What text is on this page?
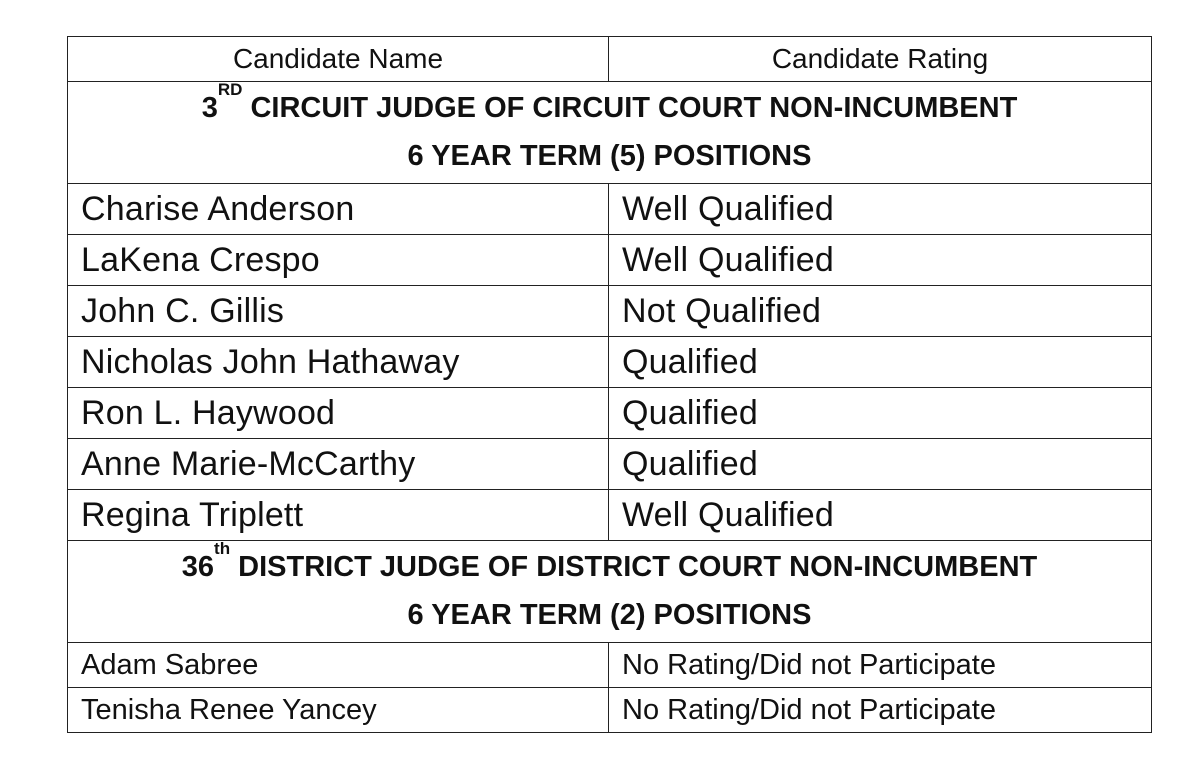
Candidate Name	Candidate Rating
3RD CIRCUIT JUDGE OF CIRCUIT COURT NON-INCUMBENT
6 YEAR TERM (5) POSITIONS	
Charise Anderson	Well Qualified
LaKena Crespo	Well Qualified
John C. Gillis	Not Qualified
Nicholas John Hathaway	Qualified
Ron L. Haywood	Qualified
Anne Marie-McCarthy	Qualified
Regina Triplett	Well Qualified
36th DISTRICT JUDGE OF DISTRICT COURT NON-INCUMBENT
6 YEAR TERM (2) POSITIONS	
Adam Sabree	No Rating/Did not Participate
Tenisha Renee Yancey	No Rating/Did not Participate
